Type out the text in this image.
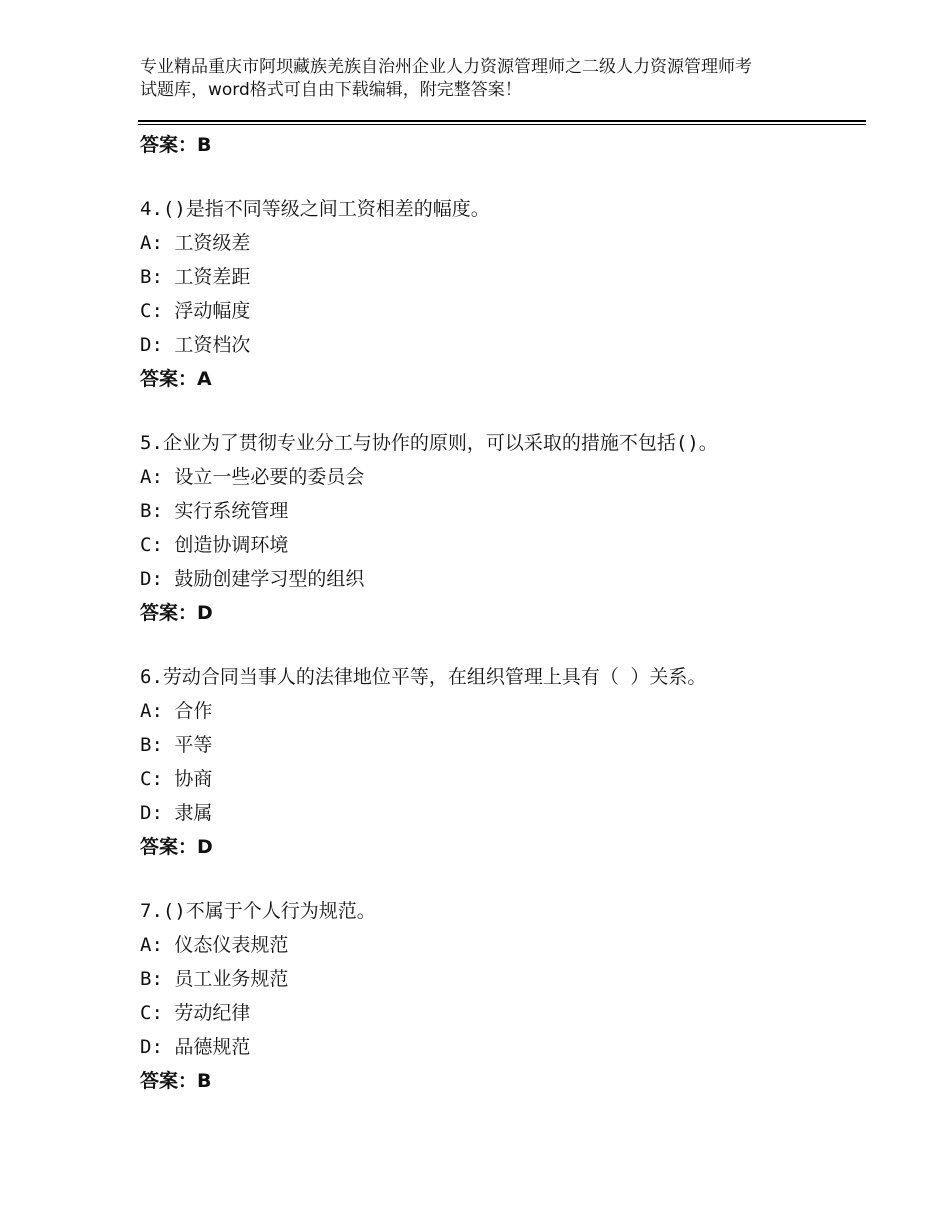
专业精品重庆市阿坝藏族羌族自治州企业人力资源管理师之二级人力资源管理师考
试题库，word格式可自由下载编辑，附完整答案！
答案：B
4.()是指不同等级之间工资相差的幅度。
A: 工资级差
B: 工资差距
C: 浮动幅度
D: 工资档次
答案：A
5.企业为了贯彻专业分工与协作的原则，可以采取的措施不包括()。
A: 设立一些必要的委员会
B: 实行系统管理
C: 创造协调环境
D: 鼓励创建学习型的组织
答案：D
6.劳动合同当事人的法律地位平等，在组织管理上具有（ ）关系。
A: 合作
B: 平等
C: 协商
D: 隶属
答案：D
7.()不属于个人行为规范。
A: 仪态仪表规范
B: 员工业务规范
C: 劳动纪律
D: 品德规范
答案：B
